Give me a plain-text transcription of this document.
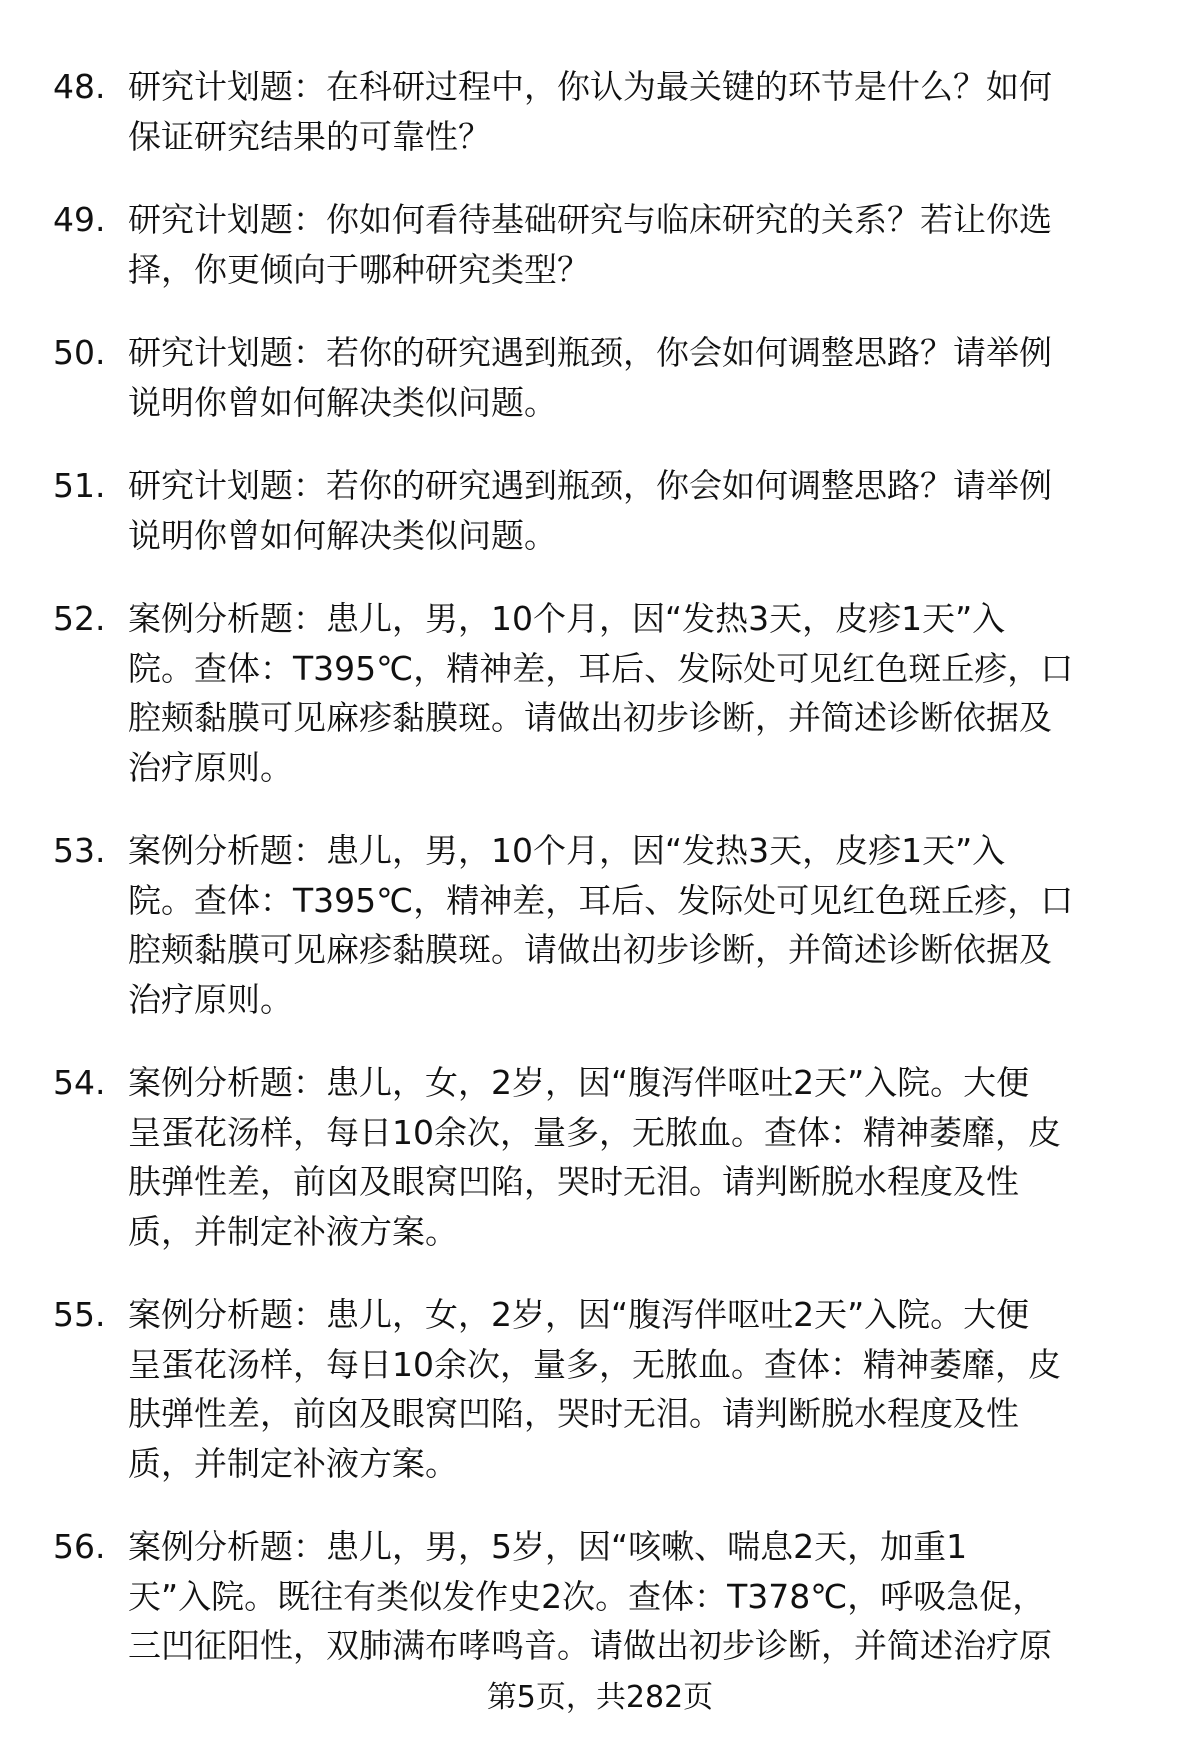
48. 研究计划题：在科研过程中，你认为最关键的环节是什么？如何
保证研究结果的可靠性？
49. 研究计划题：你如何看待基础研究与临床研究的关系？若让你选
择，你更倾向于哪种研究类型？
50. 研究计划题：若你的研究遇到瓶颈，你会如何调整思路？请举例
说明你曾如何解决类似问题。
51. 研究计划题：若你的研究遇到瓶颈，你会如何调整思路？请举例
说明你曾如何解决类似问题。
52. 案例分析题：患儿，男，10个月，因“发热3天，皮疹1天”入
院。查体：T395℃，精神差，耳后、发际处可见红色斑丘疹，口
腔颊黏膜可见麻疹黏膜斑。请做出初步诊断，并简述诊断依据及
治疗原则。
53. 案例分析题：患儿，男，10个月，因“发热3天，皮疹1天”入
院。查体：T395℃，精神差，耳后、发际处可见红色斑丘疹，口
腔颊黏膜可见麻疹黏膜斑。请做出初步诊断，并简述诊断依据及
治疗原则。
54. 案例分析题：患儿，女，2岁，因“腹泻伴呕吐2天”入院。大便
呈蛋花汤样，每日10余次，量多，无脓血。查体：精神萎靡，皮
肤弹性差，前囟及眼窝凹陷，哭时无泪。请判断脱水程度及性
质，并制定补液方案。
55. 案例分析题：患儿，女，2岁，因“腹泻伴呕吐2天”入院。大便
呈蛋花汤样，每日10余次，量多，无脓血。查体：精神萎靡，皮
肤弹性差，前囟及眼窝凹陷，哭时无泪。请判断脱水程度及性
质，并制定补液方案。
56. 案例分析题：患儿，男，5岁，因“咳嗽、喘息2天，加重1
天”入院。既往有类似发作史2次。查体：T378℃，呼吸急促，
三凹征阳性，双肺满布哮鸣音。请做出初步诊断，并简述治疗原
第5页，共282页
